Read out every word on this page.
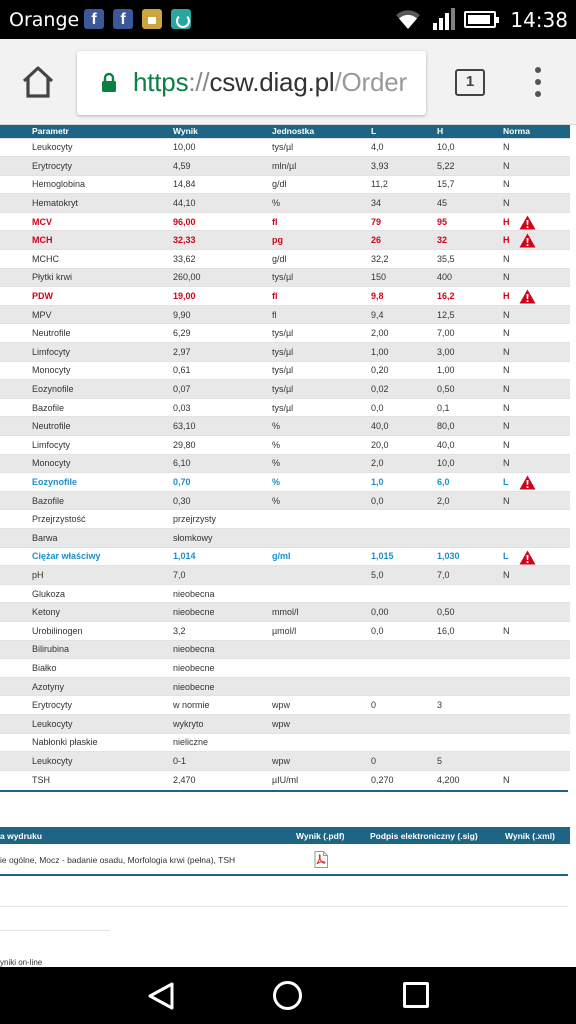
Orange f	f	14:38
https://csw.diag.pl/Order	1
	Parametr	Wynik	Jednostka	L	H	Norma
	Leukocyty	10,00	tys/µl	4,0	10,0	N
	Erytrocyty	4,59	mln/µl	3,93	5,22	N
	Hemoglobina	14,84	g/dl	11,2	15,7	N
	Hematokryt	44,10	%	34	45	N
	MCV	96,00	fl	79	95	H

	MCH	32,33	pg	26	32	H

	MCHC	33,62	g/dl	32,2	35,5	N
	Płytki krwi	260,00	tys/µl	150	400	N
	PDW	19,00	fl	9,8	16,2	H

	MPV	9,90	fl	9,4	12,5	N
	Neutrofile	6,29	tys/µl	2,00	7,00	N
	Limfocyty	2,97	tys/µl	1,00	3,00	N
	Monocyty	0,61	tys/µl	0,20	1,00	N
	Eozynofile	0,07	tys/µl	0,02	0,50	N
	Bazofile	0,03	tys/µl	0,0	0,1	N
	Neutrofile	63,10	%	40,0	80,0	N
	Limfocyty	29,80	%	20,0	40,0	N
	Monocyty	6,10	%	2,0	10,0	N
	Eozynofile	0,70	%	1,0	6,0	L

	Bazofile	0,30	%	0,0	2,0	N
	Przejrzystość	przejrzysty				
	Barwa	słomkowy				
	Ciężar właściwy	1,014	g/ml	1,015	1,030	L

	pH	7,0		5,0	7,0	N
	Glukoza	nieobecna				
	Ketony	nieobecne	mmol/l	0,00	0,50	
	Urobilinogen	3,2	µmol/l	0,0	16,0	N
	Bilirubina	nieobecna				
	Białko	nieobecne				
	Azotyny	nieobecne				
	Erytrocyty	w normie	wpw	0	3	
	Leukocyty	wykryto	wpw			
	Nabłonki płaskie	nieliczne				
	Leukocyty	0-1	wpw	0	5	
	TSH	2,470	µIU/ml	0,270	4,200	N
a wydruku	Wynik (.pdf)	Podpis elektroniczny (.sig)	Wynik (.xml)
ie ogólne, Mocz - badanie osadu, Morfologia krwi (pełna), TSH			
yniki on-line
